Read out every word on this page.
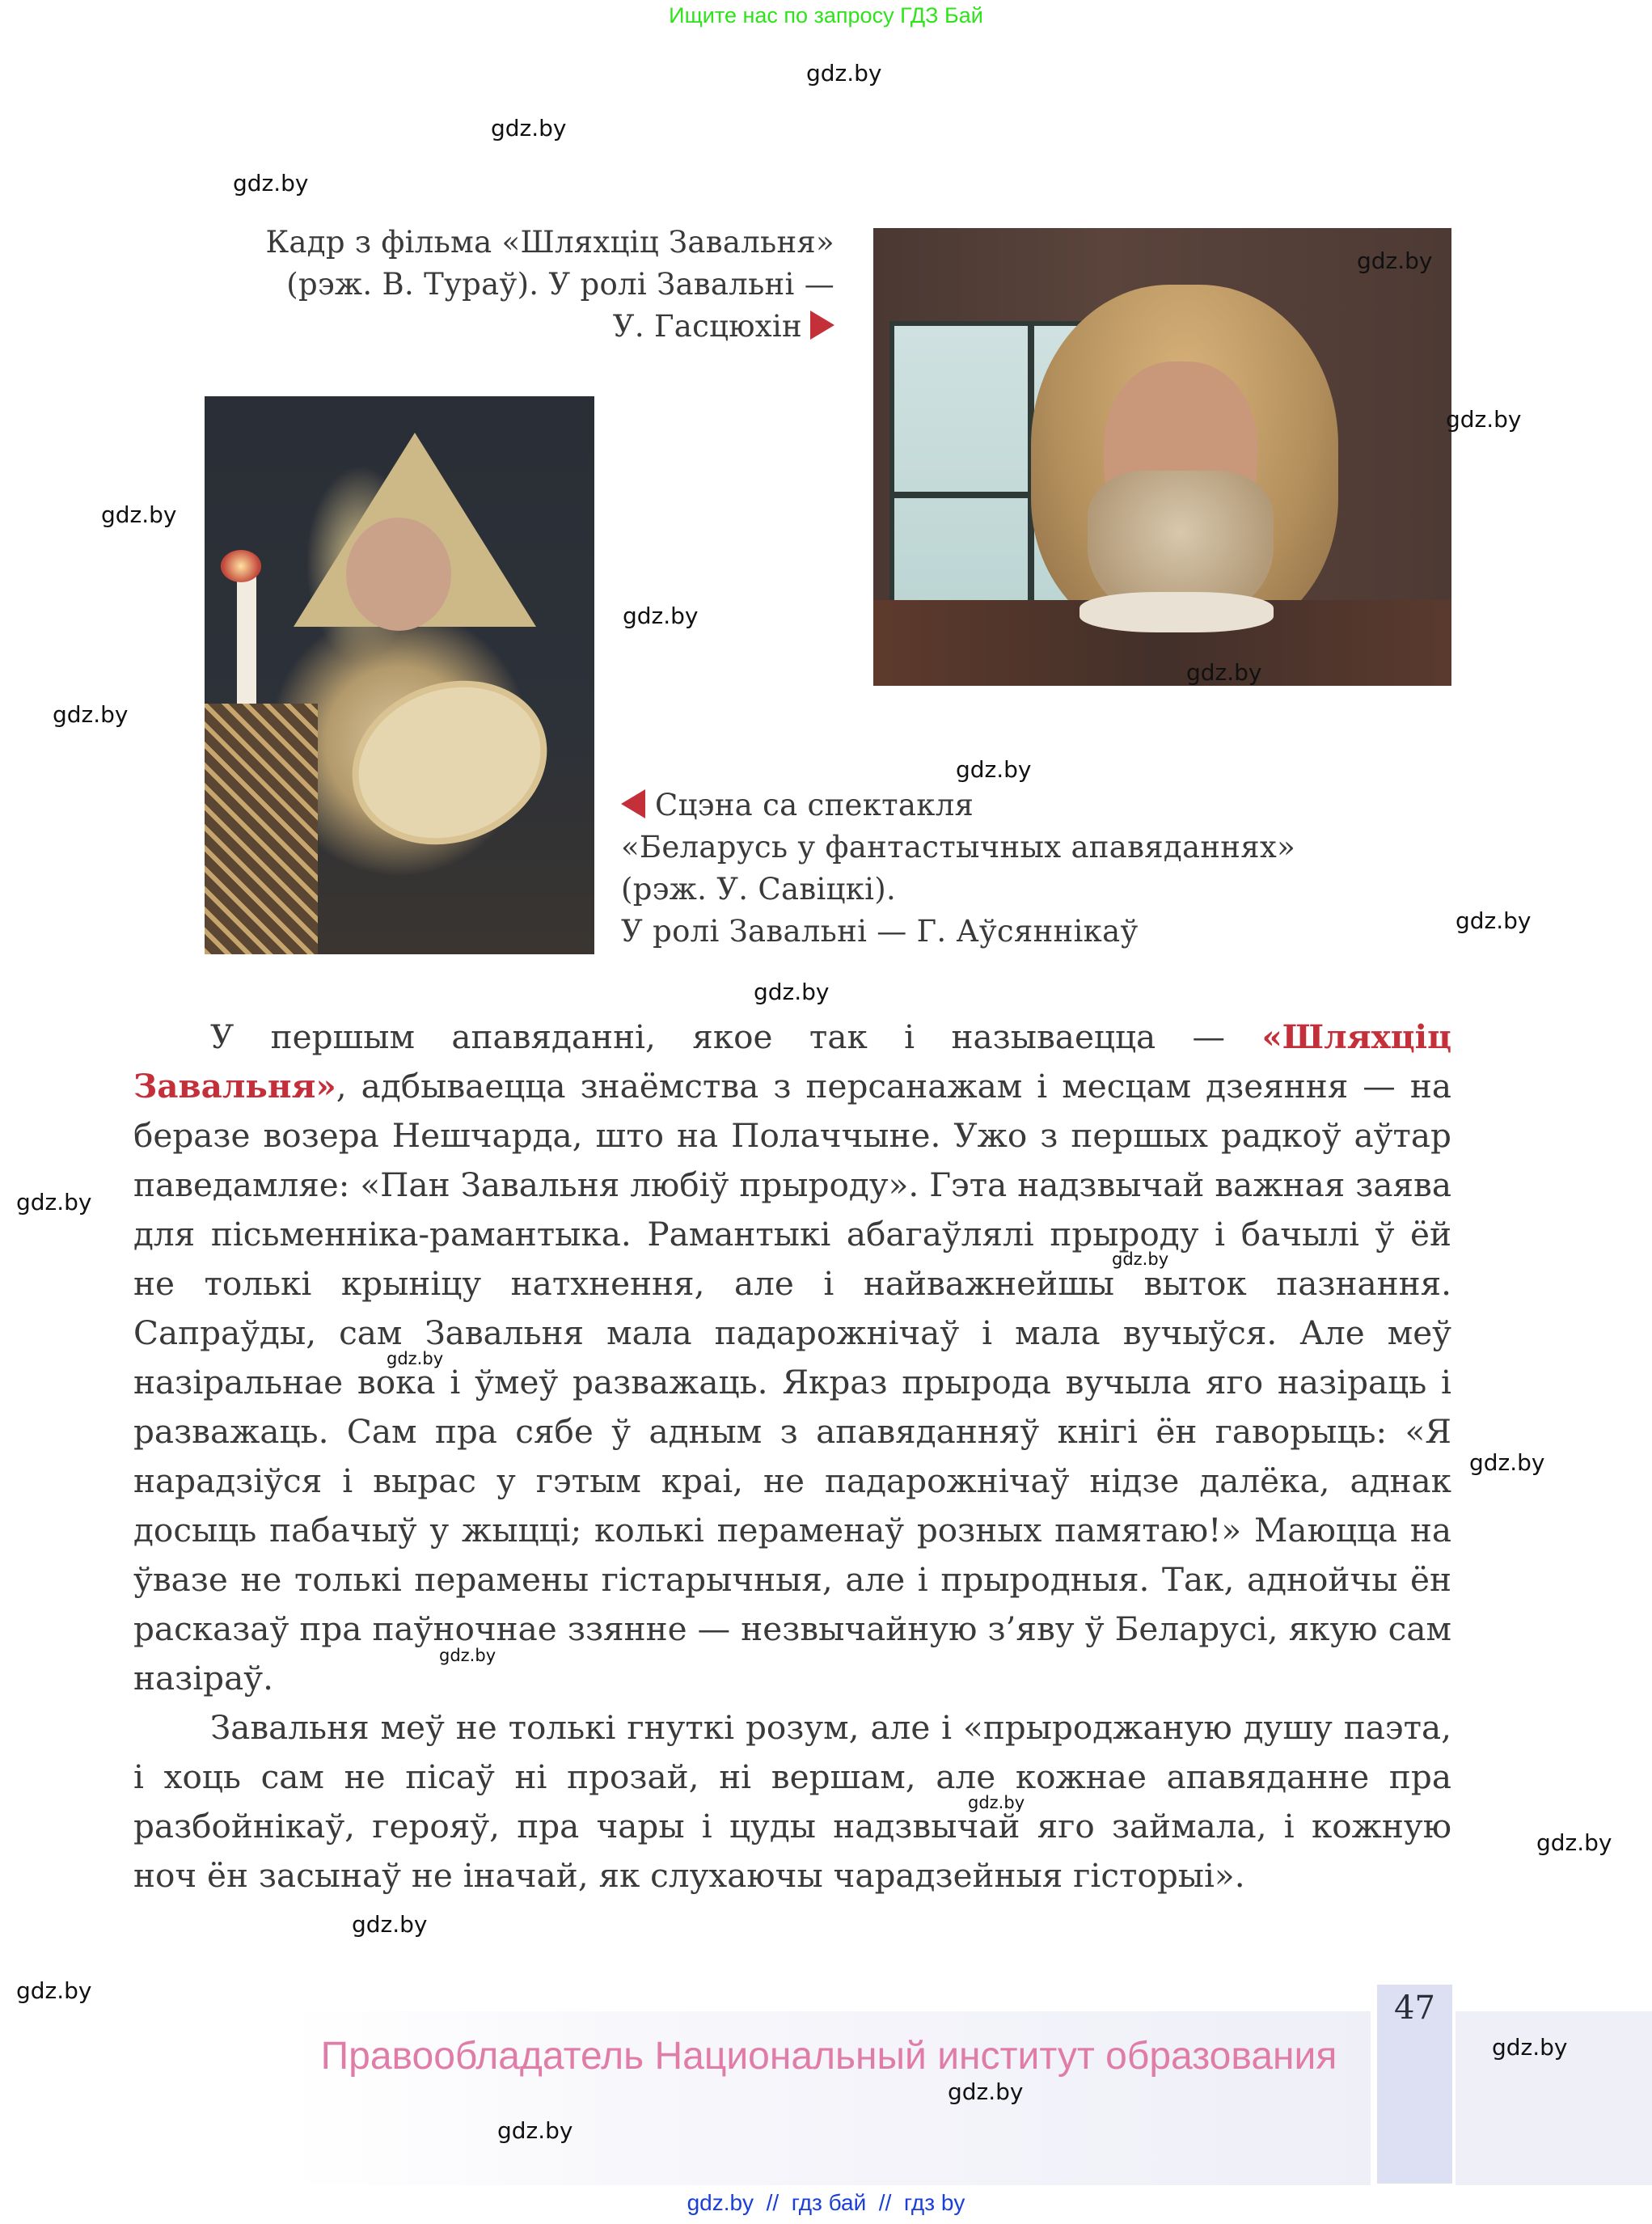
Ищите нас по запросу ГДЗ Бай
Кадр з фільма «Шляхціц Завальня»
(рэж. В. Тураў). У ролі Завальні —
У. Гасцюхін
Сцэна са спектакля
«Беларусь у фантастычных апавяданнях»
(рэж. У. Савіцкі).
У ролі Завальні — Г. Аўсяннікаў

У першым апавяданні, якое так і называецца — «Шляхціц Завальня», адбываецца знаёмства з персанажам і месцам дзеяння — на беразе возера Нешчарда, што на Полаччыне. Ужо з першых радкоў аўтар паведамляе: «Пан Завальня любіў прыроду». Гэта надзвычай важная заява для пісьменніка-рамантыка. Рамантыкі абагаўлялі прыроду і бачылі ў ёй не толькі крыніцу натхнення, але і найважнейшы выток пазнання. Сапраўды, сам Завальня мала падарожнічаў і мала вучыўся. Але меў назіральнае вока і ўмеў разважаць. Якраз прырода вучыла яго назіраць і разважаць. Сам пра сябе ў адным з апавяданняў кнігі ён гаворыць: «Я нарадзіўся і вырас у гэтым краі, не падарожнічаў нідзе далёка, аднак досыць пабачыў у жыцці; колькі пераменаў розных памятаю!» Маюцца на ўвазе не толькі перамены гістарычныя, але і прыродныя. Так, аднойчы ён расказаў пра паўночнае ззянне — незвычайную з’яву ў Беларусі, якую сам назіраў.

Завальня меў не толькі гнуткі розум, але і «прыроджаную душу паэта, і хоць сам не пісаў ні прозай, ні вершам, але кожнае апавяданне пра разбойнікаў, герояў, пра чары і цуды надзвычай яго займала, і кожную ноч ён засынаў не іначай, як слухаючы чарадзейныя гісторыі».

47
Правообладатель Национальный институт образования
gdz.by  //  гдз бай  //  гдз by
gdz.by
gdz.by
gdz.by
gdz.by
gdz.by
gdz.by
gdz.by
gdz.by
gdz.by
gdz.by
gdz.by
gdz.by
gdz.by
gdz.by
gdz.by
gdz.by
gdz.by
gdz.by
gdz.by
gdz.by
gdz.by
gdz.by
gdz.by
gdz.by
